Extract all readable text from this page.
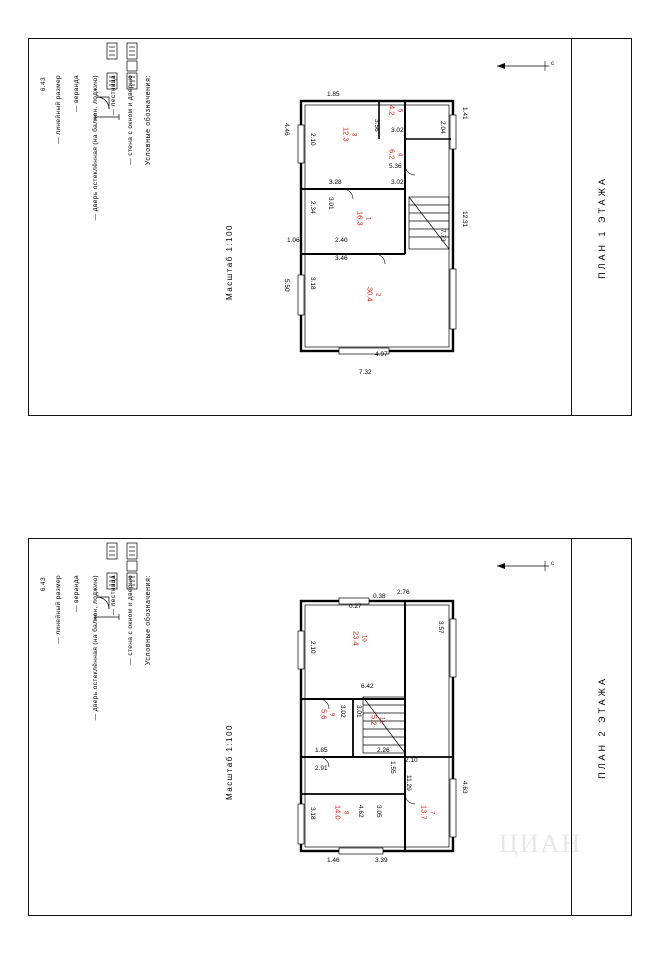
ПЛАН 1 ЭТАЖА
Масштаб 1:100
с
Условные обозначения:
— стена с окном и дверью
— лестница
— дверь остеклённая (на балкон, лоджию)
— веранда
— линейный размер
6.43
3
12.3
5
4.2
4
6.2
1
16.3
2
30.4
1.85
1.41
3.02
4.46
2.10
3.56	2.04
3.28
5.36
3.02
2.34 3.01
12.31
7.73
1.06	2.40
3.46
3.18
5.50
4.97
7.32
ПЛАН 2 ЭТАЖА
Масштаб 1:100
с
Условные обозначения:
— стена с окном и дверью
— лестница
— дверь остеклённая (на балкон, лоджию)
— веранда
— линейный размер
6.43
10
23.4
9
5.6
11
5.2
8
14.0	7
13.7
0.27
0.38
2.76
3.57
2.10
6.42
3.01
3.02
1.85	2.26
2.10
1.55
11.29	4.63
2.91
4.62 3.05
3.18
1.46	3.39
ЦИАН
